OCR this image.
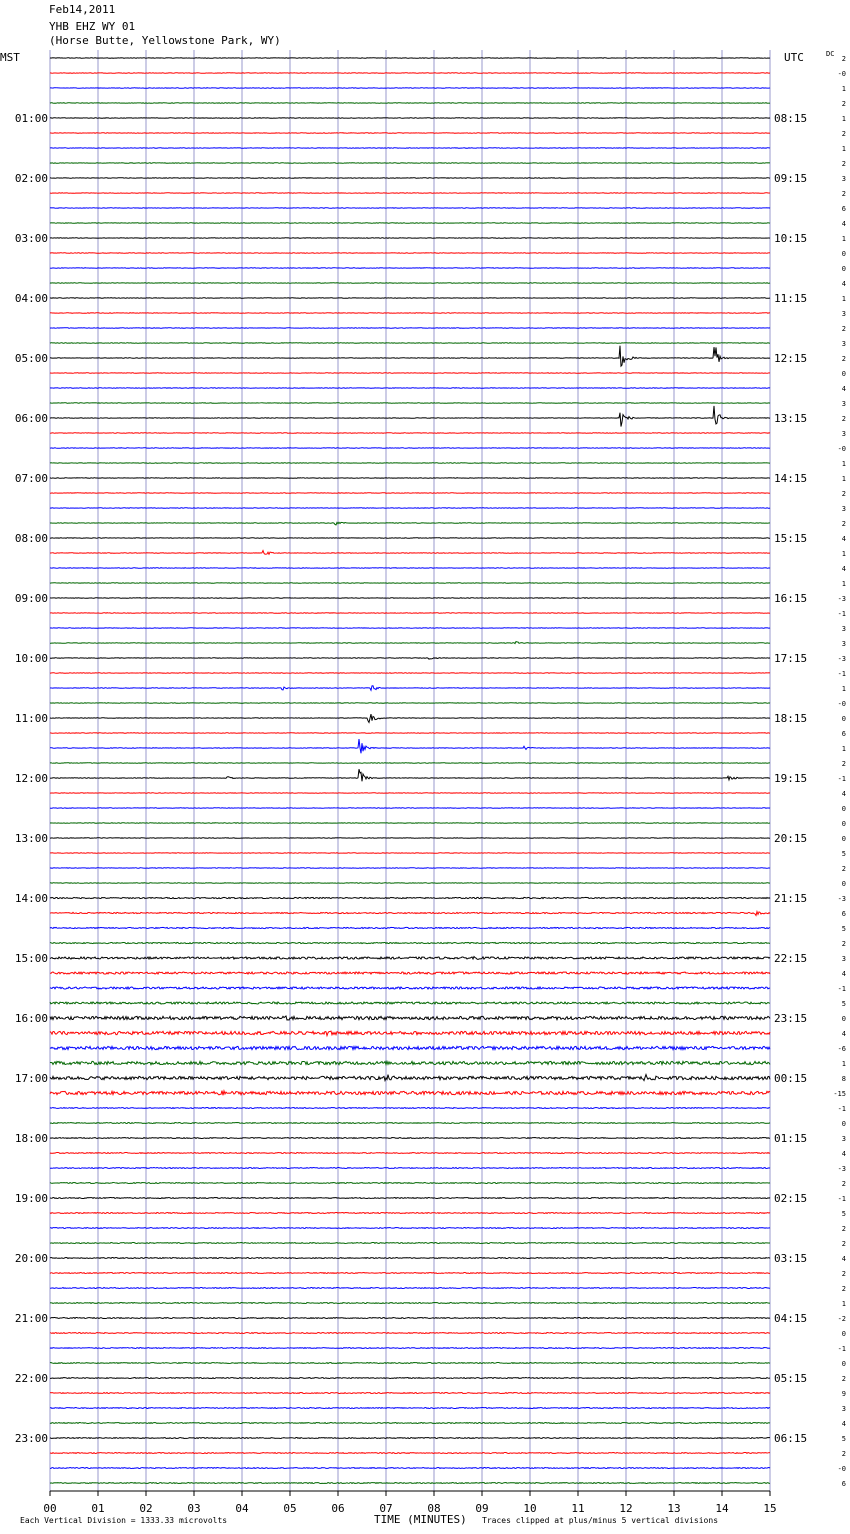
Feb14,2011
YHB EHZ WY 01
(Horse Butte, Yellowstone Park, WY)
MST	UTC	DC
Each Vertical Division = 1333.33 microvolts	TIME (MINUTES) Traces clipped at plus/minus 5 vertical divisions
00	01	02	03	04	05	06	07	08	09	10	11	12	13	14	15
2
-0
1
2
1
2
1
2
3
2
6
4
1
0
0
4
1
3
2
3
2
0
4
3
2
3
-0
1
1
2
3
2
4
1
4
1
-3
-1
3
3
-3
-1
1
-0
0
6
1
2
-1
4
0
0
0
5
2
0
-3
6
5
2
3
4
-1
5
0
4
-6
1
8
-15
-1
0
3
4
-3
2
-1
5
2
2
4
2
2
1
-2
0
-1
0
2
9
3
4
5
2
-0
6
01:00
02:00
03:00
04:00
05:00
06:00
07:00
08:00
09:00
10:00
11:00
12:00
13:00
14:00
15:00
16:00
17:00
18:00
19:00
20:00
21:00
22:00
23:00
08:15
09:15
10:15
11:15
12:15
13:15
14:15
15:15
16:15
17:15
18:15
19:15
20:15
21:15
22:15
23:15
00:15
01:15
02:15
03:15
04:15
05:15
06:15
